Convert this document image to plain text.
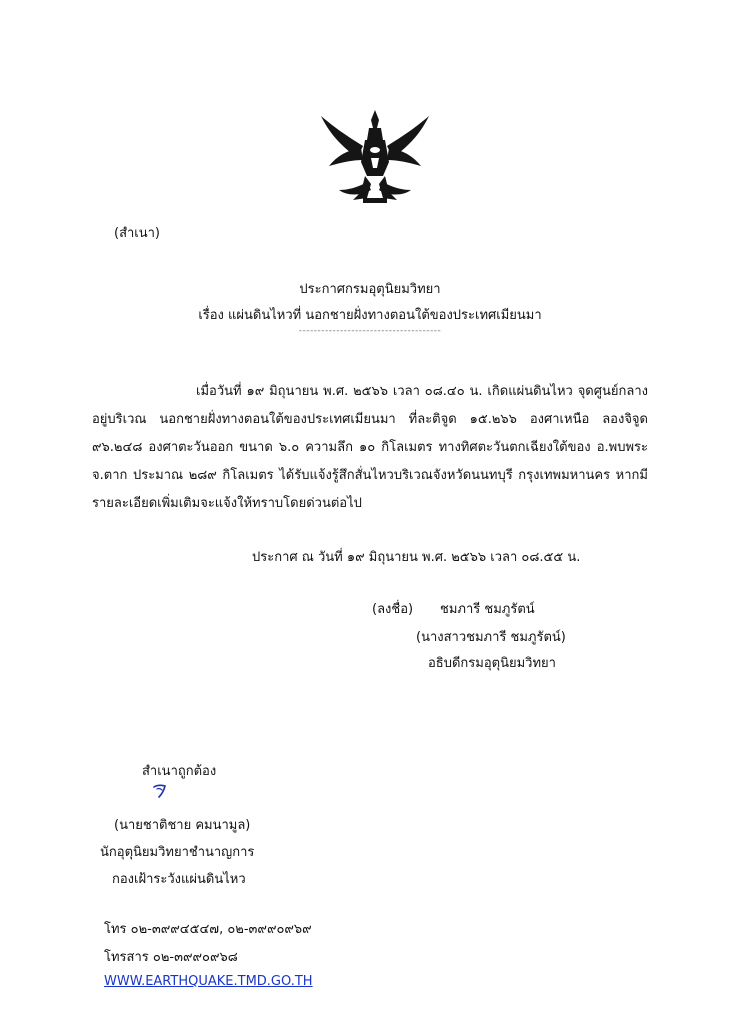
(สำเนา)
ประกาศกรมอุตุนิยมวิทยา
เรื่อง แผ่นดินไหวที่ นอกชายฝั่งทางตอนใต้ของประเทศเมียนมา
--------------------------------------
เมื่อวันที่ ๑๙ มิถุนายน พ.ศ. ๒๕๖๖ เวลา ๐๘.๔๐ น. เกิดแผ่นดินไหว จุดศูนย์กลางอยู่บริเวณ นอกชายฝั่งทางตอนใต้ของประเทศเมียนมา ที่ละติจูด ๑๕.๒๖๖ องศาเหนือ ลองจิจูด ๙๖.๒๔๘ องศาตะวันออก ขนาด ๖.๐ ความลึก ๑๐ กิโลเมตร ทางทิศตะวันตกเฉียงใต้ของ อ.พบพระ จ.ตาก ประมาณ ๒๘๙ กิโลเมตร ได้รับแจ้งรู้สึกสั่นไหวบริเวณจังหวัดนนทบุรี กรุงเทพมหานคร หากมีรายละเอียดเพิ่มเติมจะแจ้งให้ทราบโดยด่วนต่อไป
ประกาศ ณ วันที่ ๑๙ มิถุนายน พ.ศ. ๒๕๖๖ เวลา ๐๘.๕๕ น.
(ลงชื่อ) ชมภารี ชมภูรัตน์
(นางสาวชมภารี ชมภูรัตน์)
อธิบดีกรมอุตุนิยมวิทยา
สำเนาถูกต้อง
(นายชาติชาย คมนามูล)
นักอุตุนิยมวิทยาชำนาญการ
กองเฝ้าระวังแผ่นดินไหว
โทร ๐๒-๓๙๙๔๕๔๗, ๐๒-๓๙๙๐๙๖๙
โทรสาร ๐๒-๓๙๙๐๙๖๘
WWW.EARTHQUAKE.TMD.GO.TH
